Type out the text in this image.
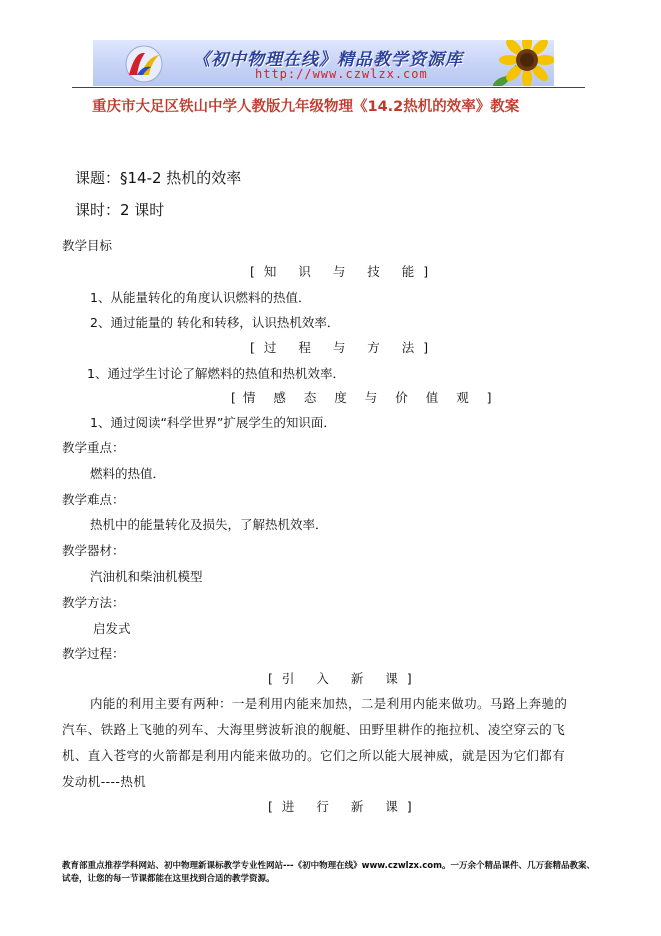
《初中物理在线》精品教学资源库
http://www.czwlzx.com
重庆市大足区铁山中学人教版九年级物理《14.2热机的效率》教案
课题：§14-2 热机的效率
课时：2 课时
教学目标
[知 识 与 技 能]
1、从能量转化的角度认识燃料的热值．
2、通过能量的 转化和转移，认识热机效率．
[过 程 与 方 法]
1、通过学生讨论了解燃料的热值和热机效率．
[情 感 态 度 与 价 值 观 ]
1、通过阅读“科学世界”扩展学生的知识面．
教学重点：
燃料的热值．
教学难点：
热机中的能量转化及损失，了解热机效率．
教学器材：
汽油机和柴油机模型
教学方法：
启发式
教学过程：
[引 入 新 课]
内能的利用主要有两种：一是利用内能来加热，二是利用内能来做功。马路上奔驰的
汽车、铁路上飞驰的列车、大海里劈波斩浪的舰艇、田野里耕作的拖拉机、凌空穿云的飞
机、直入苍穹的火箭都是利用内能来做功的。它们之所以能大展神威，就是因为它们都有
发动机----热机
[进 行 新 课]
教育部重点推荐学科网站、初中物理新课标教学专业性网站---《初中物理在线》www.czwlzx.com。一万余个精品课件、几万套精品教案、试卷，让您的每一节课都能在这里找到合适的教学资源。
